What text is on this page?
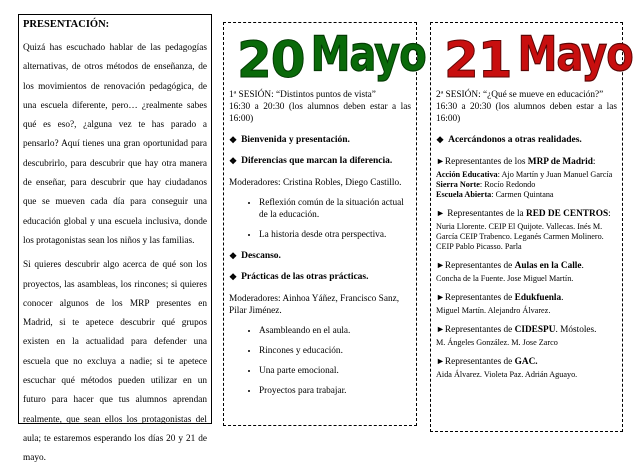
PRESENTACIÓN:

Quizá has escuchado hablar de las pedagogías alternativas, de otros métodos de enseñanza, de los movimientos de renovación pedagógica, de una escuela diferente, pero… ¿realmente sabes qué es eso?, ¿alguna vez te has parado a pensarlo? Aquí tienes una gran oportunidad para descubrirlo, para descubrir que hay otra manera de enseñar, para descubrir que hay ciudadanos que se mueven cada día para conseguir una educación global y una escuela inclusiva, donde los protagonistas sean los niños y las familias.

Si quieres descubrir algo acerca de qué son los proyectos, las asambleas, los rincones; si quieres conocer algunos de los MRP presentes en Madrid, si te apetece descubrir qué grupos existen en la actualidad para defender una escuela que no excluya a nadie; si te apetece escuchar qué métodos pueden utilizar en un futuro para hacer que tus alumnos aprendan realmente, que sean ellos los protagonistas del aula; te estaremos esperando los días 20 y 21 de mayo.

20 Mayo
1ª SESIÓN: “Distintos puntos de vista”
16:30 a 20:30 (los alumnos deben estar a las 16:00)
❖ Bienvenida y presentación.
❖ Diferencias que marcan la diferencia.
Moderadores: Cristina Robles, Diego Castillo.
• Reflexión común de la situación actual de la educación.
• La historia desde otra perspectiva.
❖ Descanso.
❖ Prácticas de las otras prácticas.
Moderadores: Ainhoa Yáñez, Francisco Sanz, Pilar Jiménez.
• Asambleando en el aula.
• Rincones y educación.
• Una parte emocional.
• Proyectos para trabajar.
21 Mayo
2ª SESIÓN: “¿Qué se mueve en educación?”
16:30 a 20:30 (los alumnos deben estar a las 16:00)
❖ Acercándonos a otras realidades.
►Representantes de los MRP de Madrid:
Acción Educativa: Ajo Martín y Juan Manuel García
Sierra Norte: Rocío Redondo
Escuela Abierta: Carmen Quintana
► Representantes de la RED DE CENTROS:
Nuria Llorente. CEIP El Quijote. Vallecas. Inés M. García CEIP Trabenco. Leganés Carmen Molinero. CEIP Pablo Picasso. Parla
►Representantes de Aulas en la Calle.
Concha de la Fuente. Jose Miguel Martín.
►Representantes de Edukfuenla.
Miguel Martín. Alejandro Álvarez.
►Representantes de CIDESPU. Móstoles.
M. Ángeles González. M. Jose Zarco
►Representantes de GAC.
Aida Álvarez. Violeta Paz. Adrián Aguayo.
